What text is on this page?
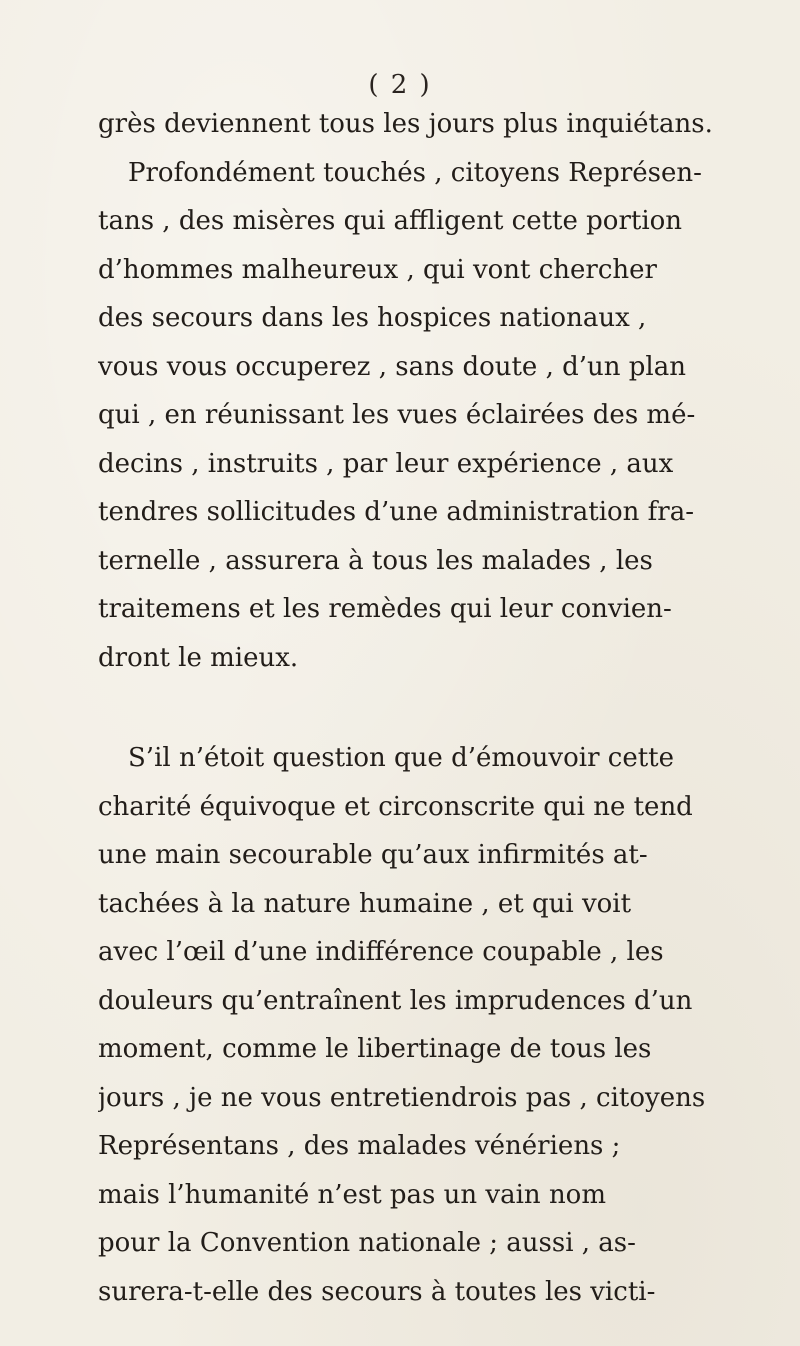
( 2 )
grès deviennent tous les jours plus inquiétans.
Profondément touchés , citoyens Représen-
tans , des misères qui affligent cette portion
d’hommes malheureux , qui vont chercher
des secours dans les hospices nationaux ,
vous vous occuperez , sans doute , d’un plan
qui , en réunissant les vues éclairées des mé-
decins , instruits , par leur expérience , aux
tendres sollicitudes d’une administration fra-
ternelle , assurera à tous les malades , les
traitemens et les remèdes qui leur convien-
dront le mieux.
S’il n’étoit question que d’émouvoir cette
charité équivoque et circonscrite qui ne tend
une main secourable qu’aux infirmités at-
tachées à la nature humaine , et qui voit
avec l’œil d’une indifférence coupable , les
douleurs qu’entraînent les imprudences d’un
moment, comme le libertinage de tous les
jours , je ne vous entretiendrois pas , citoyens
Représentans , des malades vénériens ;
mais l’humanité n’est pas un vain nom
pour la Convention nationale ; aussi , as-
surera-t-elle des secours à toutes les victi-
